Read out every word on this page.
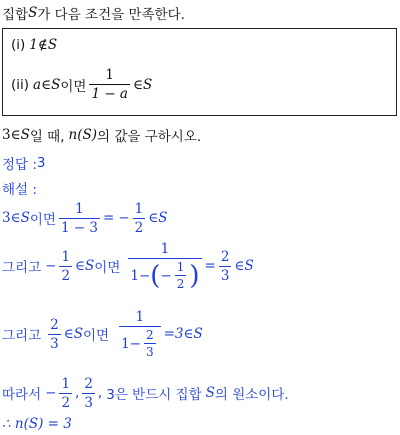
집합 S 가 다음 조건을 만족한다.
(i) 1∉S
(ii) a ∈ S 이면 $\frac{1}{1 - a}$ ∈S
3∈ S 일 때, n(S) 의 값을 구하시오.
정답 : 3
해설 :
3∈ S 이면 $\frac{1}{1 - 3}$ = − $\frac{1}{2}$ ∈S
그리고 − $\frac{1}{2}$ ∈ S 이면 $\frac{1}{1- ( - \frac{1}{2} )} = \frac{2}{3}$ ∈S
그리고 $\frac{2}{3}$ ∈ S 이면 $\frac{1}{1- \frac{2}{3}}$ =3∈S
따라서 − $\frac{1}{2}$ , $\frac{2}{3}$ , 3은 반드시 집합 S 의 원소이다.
∴ n(S) = 3
